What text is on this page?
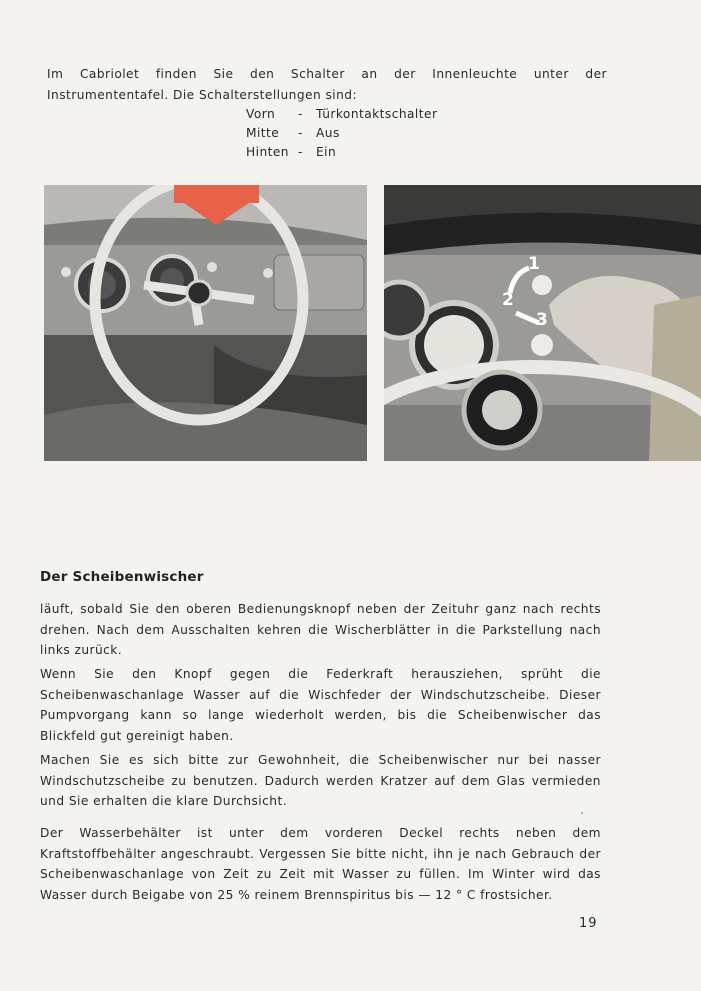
Im Cabriolet finden Sie den Schalter an der Innenleuchte unter der Instrumententafel. Die Schalterstellungen sind:

Vorn	-	Türkontaktschalter
Mitte	-	Aus
Hinten -	Ein
1
2
3
Der Scheibenwischer

läuft, sobald Sie den oberen Bedienungsknopf neben der Zeituhr ganz nach rechts drehen. Nach dem Ausschalten kehren die Wischerblätter in die Parkstellung nach links zurück.

Wenn Sie den Knopf gegen die Federkraft herausziehen, sprüht die Scheibenwaschanlage Wasser auf die Wischfeder der Windschutzscheibe. Dieser Pumpvorgang kann so lange wiederholt werden, bis die Scheibenwischer das Blickfeld gut gereinigt haben.

Machen Sie es sich bitte zur Gewohnheit, die Scheibenwischer nur bei nasser Windschutzscheibe zu benutzen. Dadurch werden Kratzer auf dem Glas vermieden und Sie erhalten die klare Durchsicht.

Der Wasserbehälter ist unter dem vorderen Deckel rechts neben dem Kraftstoffbehälter angeschraubt. Vergessen Sie bitte nicht, ihn je nach Gebrauch der Scheibenwaschanlage von Zeit zu Zeit mit Wasser zu füllen. Im Winter wird das Wasser durch Beigabe von 25 % reinem Brennspiritus bis — 12 ° C frostsicher.

19
